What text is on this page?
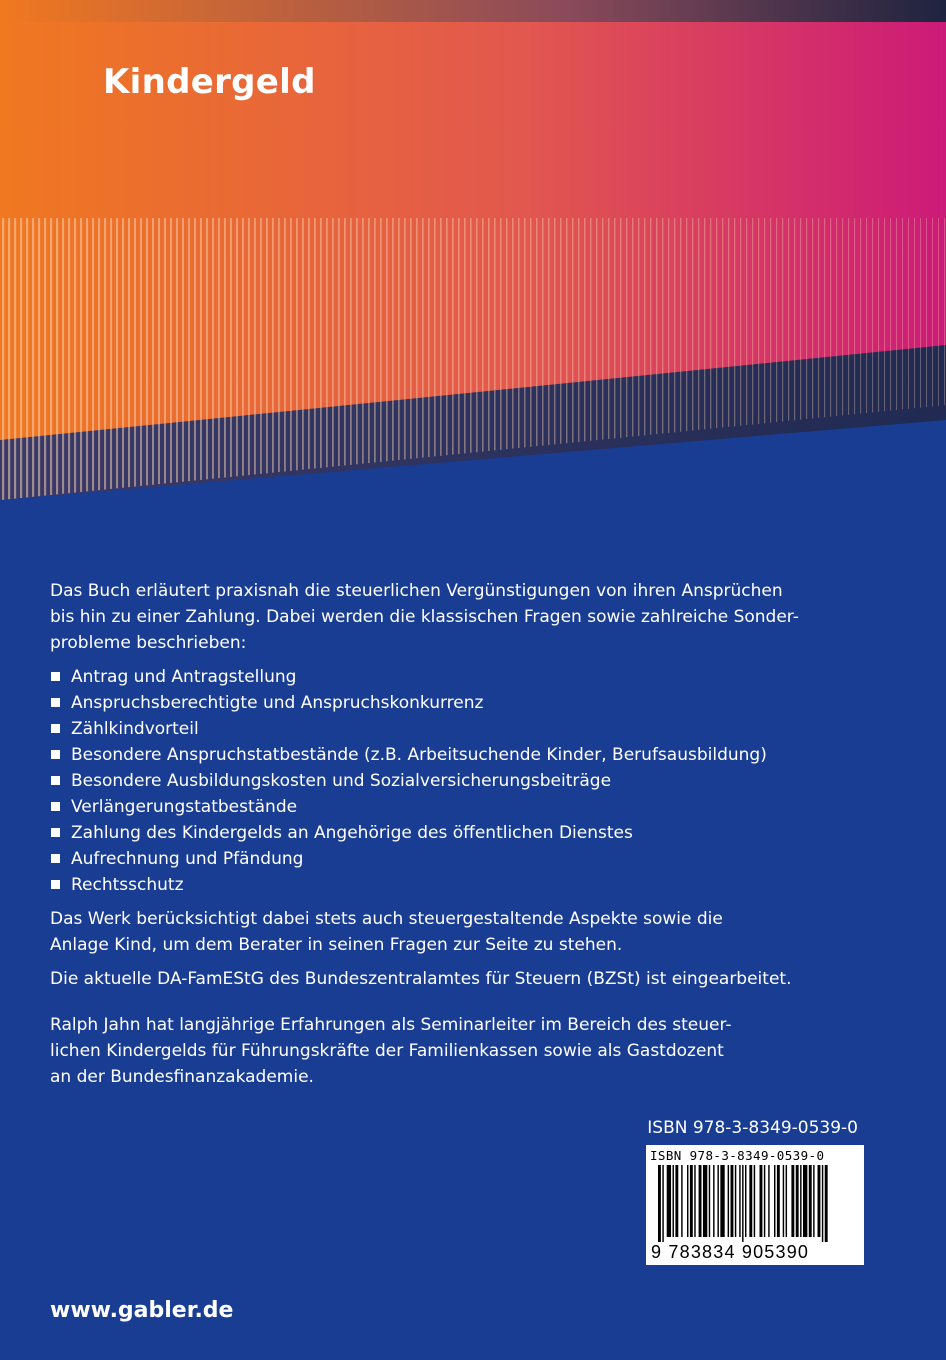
Kindergeld

Das Buch erläutert praxisnah die steuerlichen Vergünstigungen von ihren Ansprüchen
bis hin zu einer Zahlung. Dabei werden die klassischen Fragen sowie zahlreiche Sonder-
probleme beschrieben:

Antrag und Antragstellung
Anspruchsberechtigte und Anspruchskonkurrenz
Zählkindvorteil
Besondere Anspruchstatbestände (z.B. Arbeitsuchende Kinder, Berufsausbildung)
Besondere Ausbildungskosten und Sozialversicherungsbeiträge
Verlängerungstatbestände
Zahlung des Kindergelds an Angehörige des öffentlichen Dienstes
Aufrechnung und Pfändung
Rechtsschutz

Das Werk berücksichtigt dabei stets auch steuergestaltende Aspekte sowie die
Anlage Kind, um dem Berater in seinen Fragen zur Seite zu stehen.

Die aktuelle DA-FamEStG des Bundeszentralamtes für Steuern (BZSt) ist eingearbeitet.

Ralph Jahn hat langjährige Erfahrungen als Seminarleiter im Bereich des steuer-
lichen Kindergelds für Führungskräfte der Familienkassen sowie als Gastdozent
an der Bundesfinanzakademie.

ISBN 978-3-8349-0539-0
ISBN 978-3-8349-0539-0
9 783834 905390
www.gabler.de
